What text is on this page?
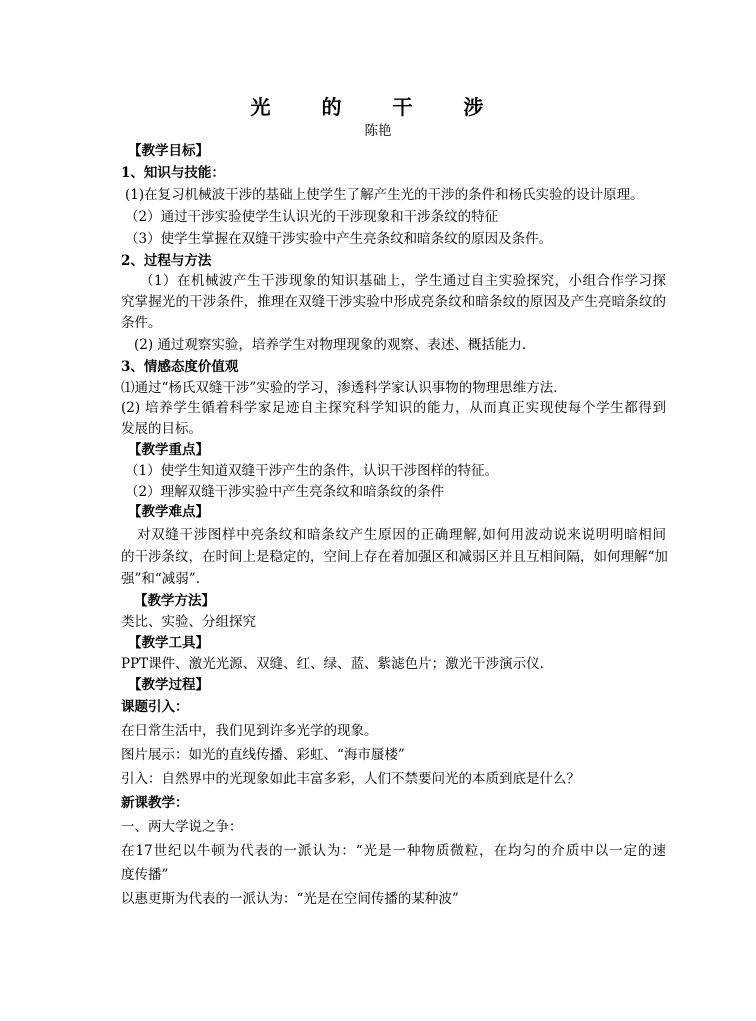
光 的 干 涉
陈艳
【教学目标】
1、知识与技能：
(1)在复习机械波干涉的基础上使学生了解产生光的干涉的条件和杨氏实验的设计原理。
（2）通过干涉实验使学生认识光的干涉现象和干涉条纹的特征
（3）使学生掌握在双缝干涉实验中产生亮条纹和暗条纹的原因及条件。
2、过程与方法
（1）在机械波产生干涉现象的知识基础上，学生通过自主实验探究，小组合作学习探
究掌握光的干涉条件，推理在双缝干涉实验中形成亮条纹和暗条纹的原因及产生亮暗条纹的
条件。
(2) 通过观察实验，培养学生对物理现象的观察、表述、概括能力．
3、情感态度价值观
⑴通过“杨氏双缝干涉”实验的学习，渗透科学家认识事物的物理思维方法．
(2) 培养学生循着科学家足迹自主探究科学知识的能力，从而真正实现使每个学生都得到
发展的目标。
【教学重点】
（1）使学生知道双缝干涉产生的条件，认识干涉图样的特征。
（2）理解双缝干涉实验中产生亮条纹和暗条纹的条件
【教学难点】
对双缝干涉图样中亮条纹和暗条纹产生原因的正确理解,如何用波动说来说明明暗相间
的干涉条纹，在时间上是稳定的，空间上存在着加强区和减弱区并且互相间隔，如何理解“加
强”和“减弱”.
【教学方法】
类比、实验、分组探究
【教学工具】
PPT课件、激光光源、双缝、红、绿、蓝、紫滤色片；激光干涉演示仪．
【教学过程】
课题引入：
在日常生活中，我们见到许多光学的现象。
图片展示：如光的直线传播、彩虹、“海市蜃楼”
引入：自然界中的光现象如此丰富多彩，人们不禁要问光的本质到底是什么？
新课教学：
一、两大学说之争：
在17世纪以牛顿为代表的一派认为：“光是一种物质微粒，在均匀的介质中以一定的速
度传播”
以惠更斯为代表的一派认为：“光是在空间传播的某种波”
